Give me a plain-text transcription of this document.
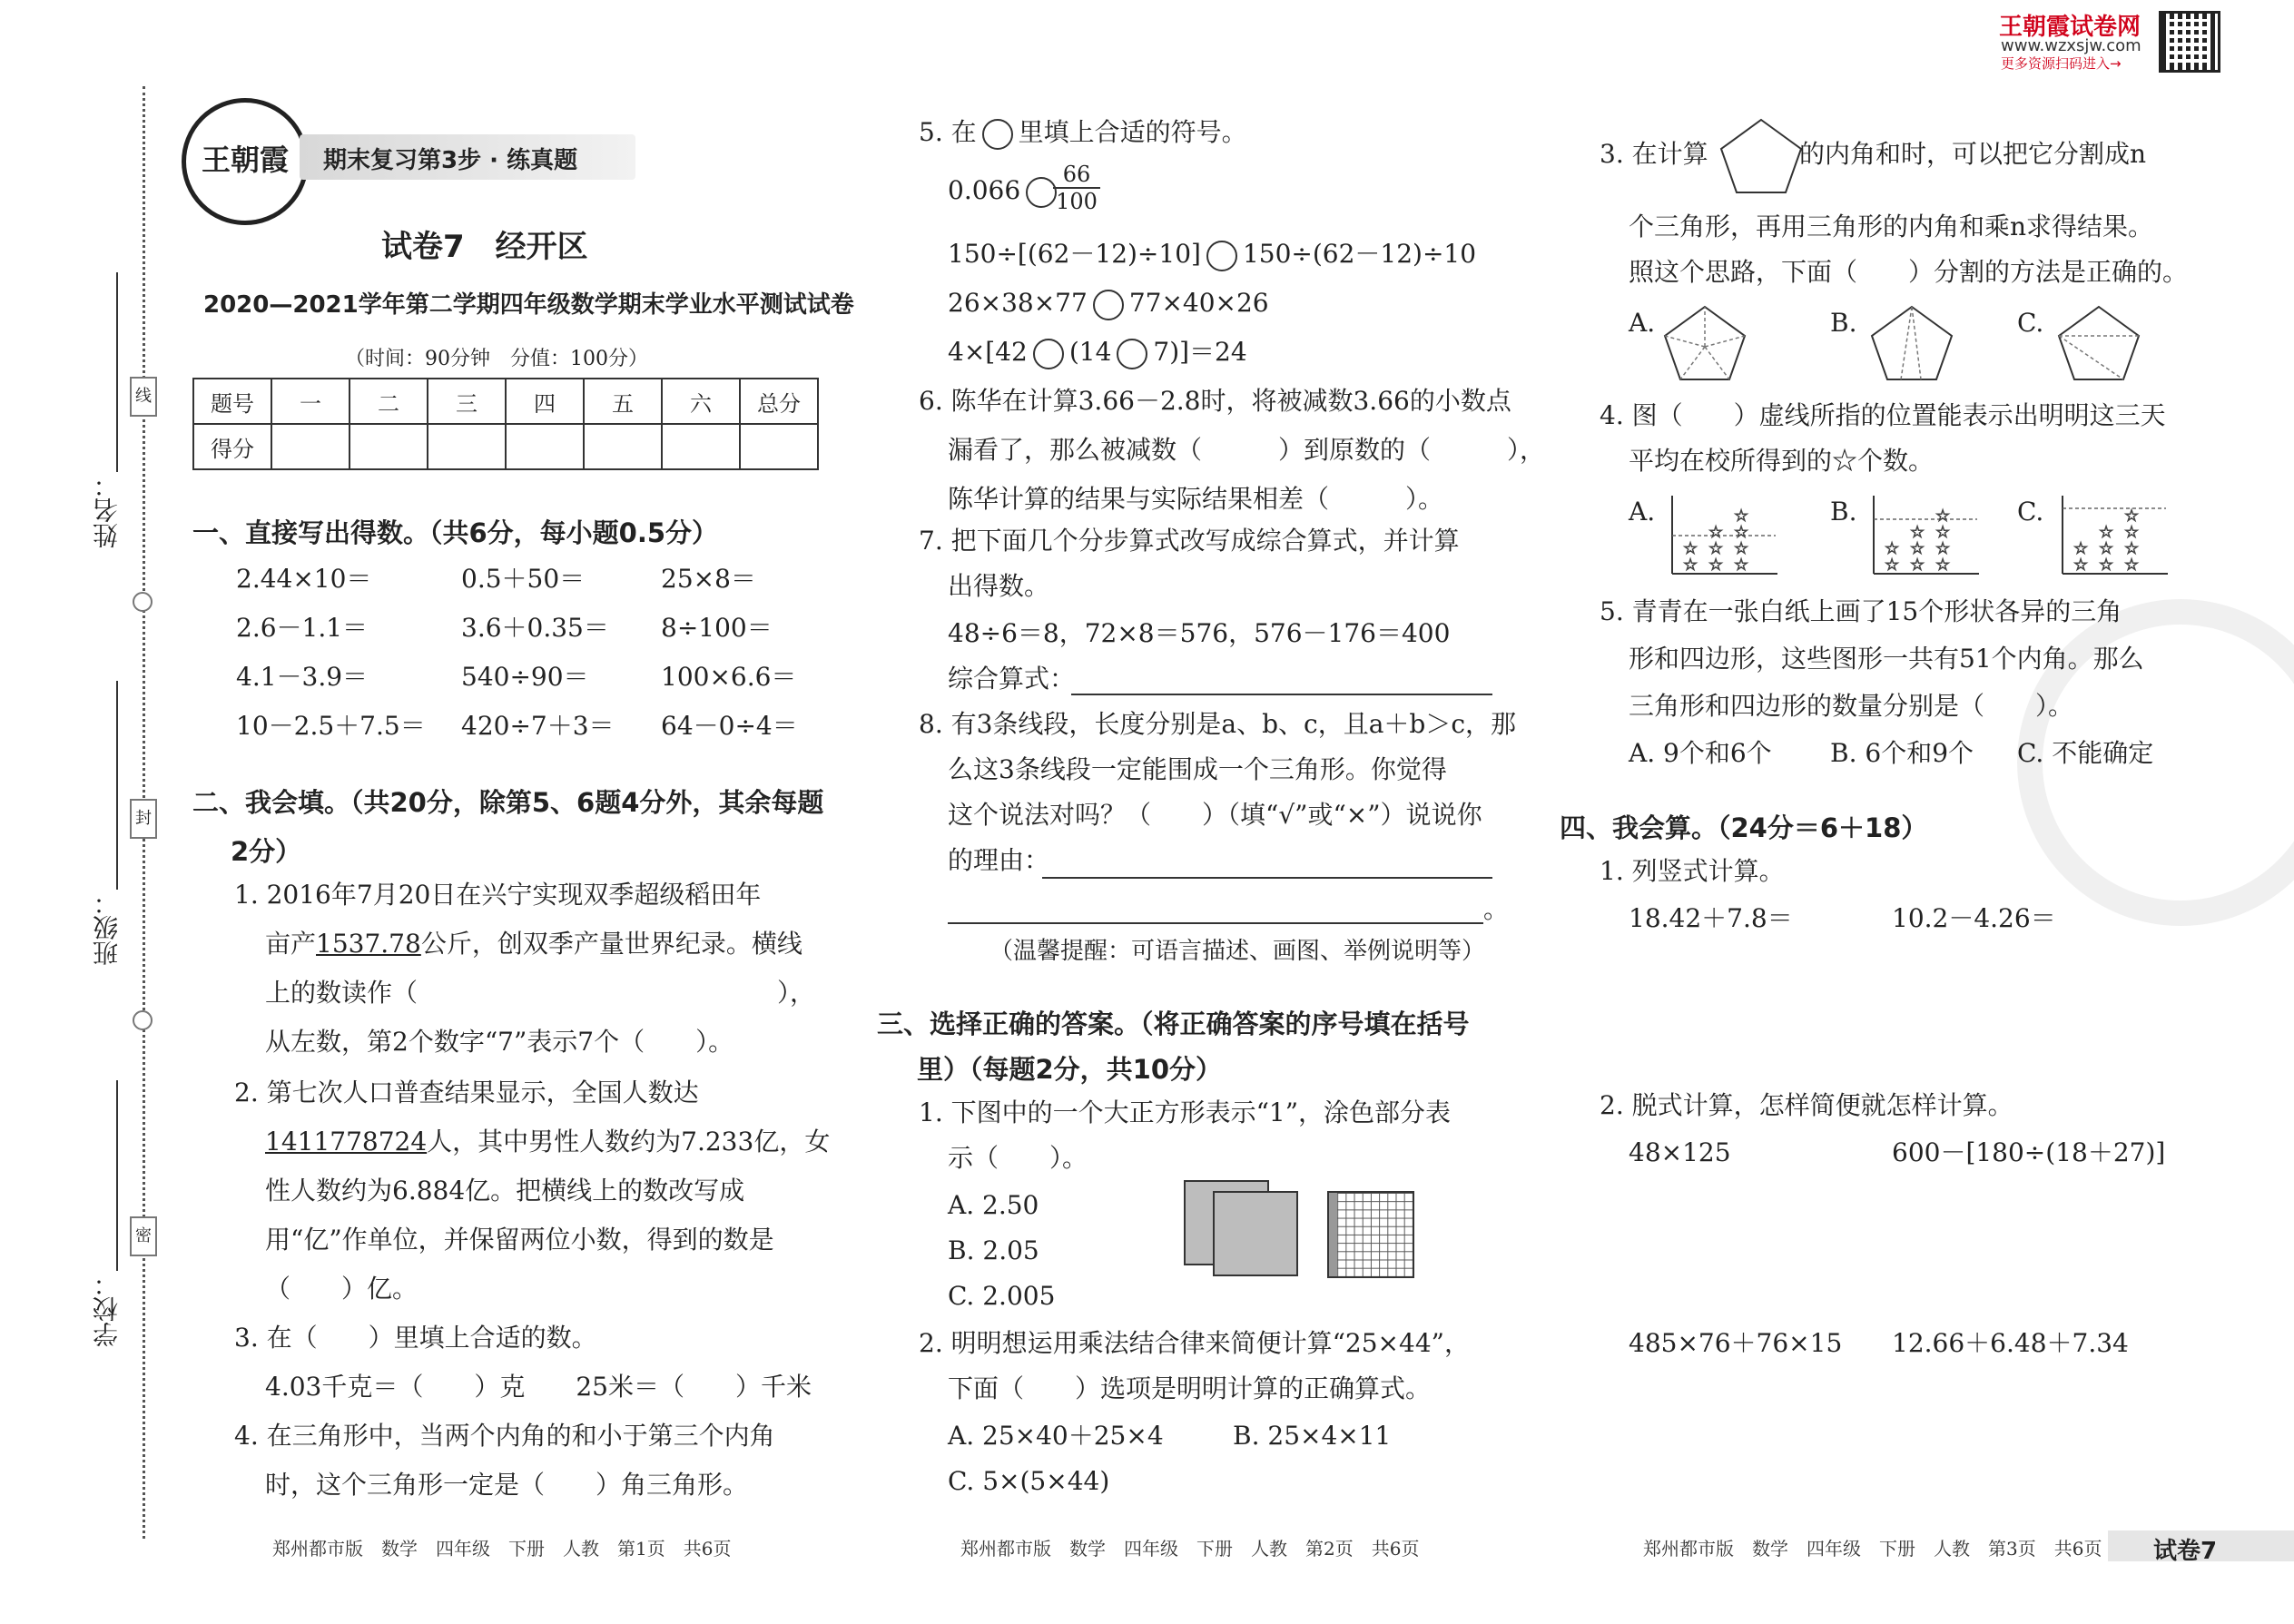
线
封
密
姓名：
班级：
学校：
王朝霞	期末复习第3步 · 练真题
试卷7　经开区
2020—2021学年第二学期四年级数学期末学业水平测试试卷
（时间：90分钟　分值：100分）
题号	一	二	三	四	五	六	总分
得分							
一、直接写出得数。（共6分，每小题0.5分）
2.44×10＝	0.5＋50＝	25×8＝
2.6－1.1＝	3.6＋0.35＝ 8÷100＝
4.1－3.9＝	540÷90＝	100×6.6＝
10－2.5＋7.5＝ 420÷7＋3＝ 64－0÷4＝
二、我会填。（共20分，除第5、6题4分外，其余每题
2分）
1. 2016年7月20日在兴宁实现双季超级稻田年
亩产1537.78公斤，创双季产量世界纪录。横线
上的数读作（	），
从左数，第2个数字“7”表示7个（　　）。
2. 第七次人口普查结果显示，全国人数达
1411778724人，其中男性人数约为7.233亿，女
性人数约为6.884亿。把横线上的数改写成
用“亿”作单位，并保留两位小数，得到的数是
（　　）亿。
3. 在（　　）里填上合适的数。
4.03千克＝（　　）克　　25米＝（　　）千米
4. 在三角形中，当两个内角的和小于第三个内角
时，这个三角形一定是（　　）角三角形。
5. 在 里填上合适的符号。
0.066	$\frac{66}{100}$
150÷[(62－12)÷10] 150÷(62－12)÷10
26×38×77 77×40×26
4×[42 (14 7)]＝24
6. 陈华在计算3.66－2.8时，将被减数3.66的小数点
漏看了，那么被减数（　　　）到原数的（　　　），
陈华计算的结果与实际结果相差（　　　）。
7. 把下面几个分步算式改写成综合算式，并计算
出得数。
48÷6＝8，72×8＝576，576－176＝400
综合算式：
8. 有3条线段，长度分别是a、b、c，且a＋b＞c，那
么这3条线段一定能围成一个三角形。你觉得
这个说法对吗？（　　）（填“√”或“×”）说说你
的理由：
。
（温馨提醒：可语言描述、画图、举例说明等）
三、选择正确的答案。（将正确答案的序号填在括号
里）（每题2分，共10分）
1. 下图中的一个大正方形表示“1”，涂色部分表
示（　　）。
A. 2.50
B. 2.05
C. 2.005
2. 明明想运用乘法结合律来简便计算“25×44”，
下面（　　）选项是明明计算的正确算式。
A. 25×40＋25×4	B. 25×4×11
C. 5×(5×44)
3. 在计算	的内角和时，可以把它分割成n
个三角形，再用三角形的内角和乘n求得结果。
照这个思路，下面（　　）分割的方法是正确的。
A.	B.	C.
4. 图（　　）虚线所指的位置能表示出明明这三天
平均在校所得到的☆个数。
A.	B.	C.
☆
☆
☆
☆
☆
☆
☆
☆
☆
☆
☆
☆
☆
☆
☆
☆
☆
☆
☆
☆
☆
☆
☆
☆
☆
☆
☆
5. 青青在一张白纸上画了15个形状各异的三角
形和四边形，这些图形一共有51个内角。那么
三角形和四边形的数量分别是（　　）。
A. 9个和6个 B. 6个和9个 C. 不能确定
四、我会算。（24分＝6＋18）
1. 列竖式计算。
18.42＋7.8＝	10.2－4.26＝
2. 脱式计算，怎样简便就怎样计算。
48×125	600－[180÷(18＋27)]
485×76＋76×15 12.66＋6.48＋7.34
王朝霞试卷网
www.wzxsjw.com
更多资源扫码进入→
郑州都市版　数学　四年级　下册　人教　第1页　共6页	郑州都市版　数学　四年级　下册　人教　第2页　共6页	郑州都市版　数学　四年级　下册　人教　第3页　共6页 试卷7
